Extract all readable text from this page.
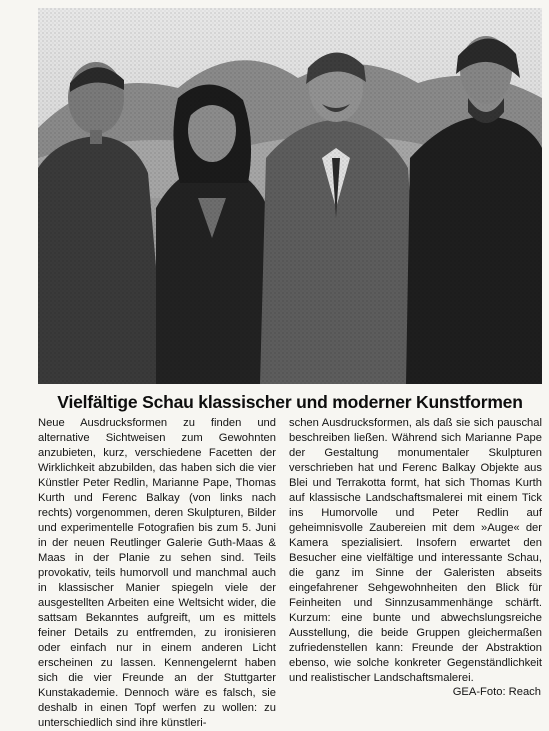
Vielfältige Schau klassischer und moderner Kunstformen

Neue Ausdrucksformen zu finden und alternative Sichtweisen zum Gewohnten anzubieten, kurz, verschiedene Facetten der Wirklichkeit abzubilden, das haben sich die vier Künstler Peter Redlin, Marianne Pape, Thomas Kurth und Ferenc Balkay (von links nach rechts) vorgenommen, deren Skulpturen, Bilder und experimentelle Fotografien bis zum 5. Juni in der neuen Reutlinger Galerie Guth-Maas & Maas in der Planie zu sehen sind. Teils provokativ, teils humorvoll und manchmal auch in klassischer Manier spiegeln viele der ausgestellten Arbeiten eine Weltsicht wider, die sattsam Bekanntes aufgreift, um es mittels feiner Details zu entfremden, zu ironisieren oder einfach nur in einem anderen Licht erscheinen zu lassen. Kennengelernt haben sich die vier Freunde an der Stuttgarter Kunstakademie. Dennoch wäre es falsch, sie deshalb in einen Topf werfen zu wollen: zu unterschiedlich sind ihre künstleri-

schen Ausdrucksformen, als daß sie sich pauschal beschreiben ließen. Während sich Marianne Pape der Gestaltung monumentaler Skulpturen verschrieben hat und Ferenc Balkay Objekte aus Blei und Terrakotta formt, hat sich Thomas Kurth auf klassische Landschaftsmalerei mit einem Tick ins Humorvolle und Peter Redlin auf geheimnisvolle Zaubereien mit dem »Auge« der Kamera spezialisiert. Insofern erwartet den Besucher eine vielfältige und interessante Schau, die ganz im Sinne der Galeristen abseits eingefahrener Sehgewohnheiten den Blick für Feinheiten und Sinnzusammenhänge schärft. Kurzum: eine bunte und abwechslungsreiche Ausstellung, die beide Gruppen gleichermaßen zufriedenstellen kann: Freunde der Abstraktion ebenso, wie solche konkreter Gegenständlichkeit und realistischer Landschaftsmalerei.

GEA-Foto: Reach
